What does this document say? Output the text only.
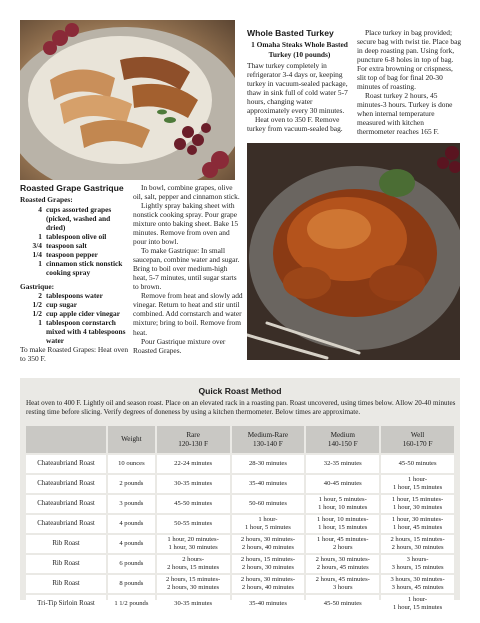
Roasted Grape Gastrique
Roasted Grapes:
4 cups assorted grapes (picked, washed and dried)
1 tablespoon olive oil
3/4 teaspoon salt
1/4 teaspoon pepper
1 cinnamon stick nonstick cooking spray
Gastrique:
2 tablespoons water
1/2 cup sugar
1/2 cup apple cider vinegar
1 tablespoon cornstarch mixed with 4 tablespoons water

To make Roasted Grapes: Heat oven to 350 F.

In bowl, combine grapes, olive oil, salt, pepper and cinnamon stick.

Lightly spray baking sheet with nonstick cooking spray. Pour grape mixture onto baking sheet. Bake 15 minutes. Remove from oven and pour into bowl.

To make Gastrique: In small saucepan, combine water and sugar. Bring to boil over medium-high heat, 5-7 minutes, until sugar starts to brown.

Remove from heat and slowly add vinegar. Return to heat and stir until combined. Add cornstarch and water mixture; bring to boil. Remove from heat.

Pour Gastrique mixture over Roasted Grapes.

Whole Basted Turkey
1 Omaha Steaks Whole Basted Turkey (10 pounds)

Thaw turkey completely in refrigerator 3-4 days or, keeping turkey in vacuum-sealed package, thaw in sink full of cold water 5-7 hours, changing water approximately every 30 minutes.

Heat oven to 350 F. Remove turkey from vacuum-sealed bag.

Place turkey in bag provided; secure bag with twist tie. Place bag in deep roasting pan. Using fork, puncture 6-8 holes in top of bag. For extra browning or crispness, slit top of bag for final 20-30 minutes of roasting.

Roast turkey 2 hours, 45 minutes-3 hours. Turkey is done when internal temperature measured with kitchen thermometer reaches 165 F.

Quick Roast Method
Heat oven to 400 F. Lightly oil and season roast. Place on an elevated rack in a roasting pan. Roast uncovered, using times below. Allow 20-40 minutes resting time before slicing. Verify degrees of doneness by using a kitchen thermometer. Below times are approximate.
	Weight	Rare
120-130 F	Medium-Rare
130-140 F	Medium
140-150 F	Well
160-170 F
Chateaubriand Roast	10 ounces	22-24 minutes	28-30 minutes	32-35 minutes	45-50 minutes
Chateaubriand Roast	2 pounds	30-35 minutes	35-40 minutes	40-45 minutes	1 hour-
1 hour, 15 minutes
Chateaubriand Roast	3 pounds	45-50 minutes	50-60 minutes	1 hour, 5 minutes-
1 hour, 10 minutes	1 hour, 15 minutes-
1 hour, 30 minutes
Chateaubriand Roast	4 pounds	50-55 minutes	1 hour-
1 hour, 5 minutes	1 hour, 10 minutes-
1 hour, 15 minutes	1 hour, 30 minutes-
1 hour, 45 minutes
Rib Roast	4 pounds	1 hour, 20 minutes-
1 hour, 30 minutes	2 hours, 30 minutes-
2 hours, 40 minutes	1 hour, 45 minutes-
2 hours	2 hours, 15 minutes-
2 hours, 30 minutes
Rib Roast	6 pounds	2 hours-
2 hours, 15 minutes	2 hours, 15 minutes-
2 hours, 30 minutes	2 hours, 30 minutes-
2 hours, 45 minutes	3 hours-
3 hours, 15 minutes
Rib Roast	8 pounds	2 hours, 15 minutes-
2 hours, 30 minutes	2 hours, 30 minutes-
2 hours, 40 minutes	2 hours, 45 minutes-
3 hours	3 hours, 30 minutes-
3 hours, 45 minutes
Tri-Tip Sirloin Roast	1 1/2 pounds	30-35 minutes	35-40 minutes	45-50 minutes	1 hour-
1 hour, 15 minutes
